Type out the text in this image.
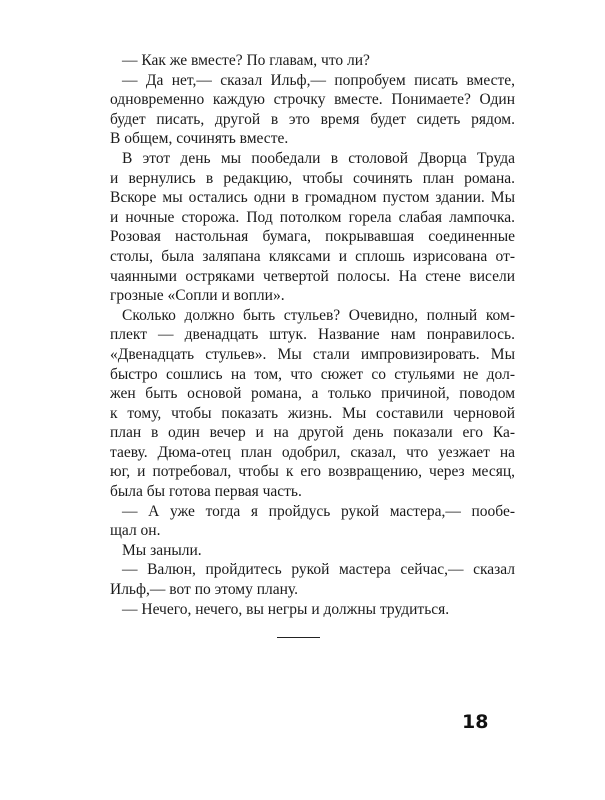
— Как же вместе? По главам, что ли?
— Да нет,— сказал Ильф,— попробуем писать вместе,
одновременно каждую строчку вместе. Понимаете? Один
будет писать, другой в это время будет сидеть рядом.
В общем, сочинять вместе.
В этот день мы пообедали в столовой Дворца Труда
и вернулись в редакцию, чтобы сочинять план романа.
Вскоре мы остались одни в громадном пустом здании. Мы
и ночные сторожа. Под потолком горела слабая лампочка.
Розовая настольная бумага, покрывавшая соединенные
столы, была заляпана кляксами и сплошь изрисована от-
чаянными остряками четвертой полосы. На стене висели
грозные «Сопли и вопли».
Сколько должно быть стульев? Очевидно, полный ком-
плект — двенадцать штук. Название нам понравилось.
«Двенадцать стульев». Мы стали импровизировать. Мы
быстро сошлись на том, что сюжет со стульями не дол-
жен быть основой романа, а только причиной, поводом
к тому, чтобы показать жизнь. Мы составили черновой
план в один вечер и на другой день показали его Ка-
таеву. Дюма-отец план одобрил, сказал, что уезжает на
юг, и потребовал, чтобы к его возвращению, через месяц,
была бы готова первая часть.
— А уже тогда я пройдусь рукой мастера,— пообе-
щал он.
Мы заныли.
— Валюн, пройдитесь рукой мастера сейчас,— сказал
Ильф,— вот по этому плану.
— Нечего, нечего, вы негры и должны трудиться.
18
